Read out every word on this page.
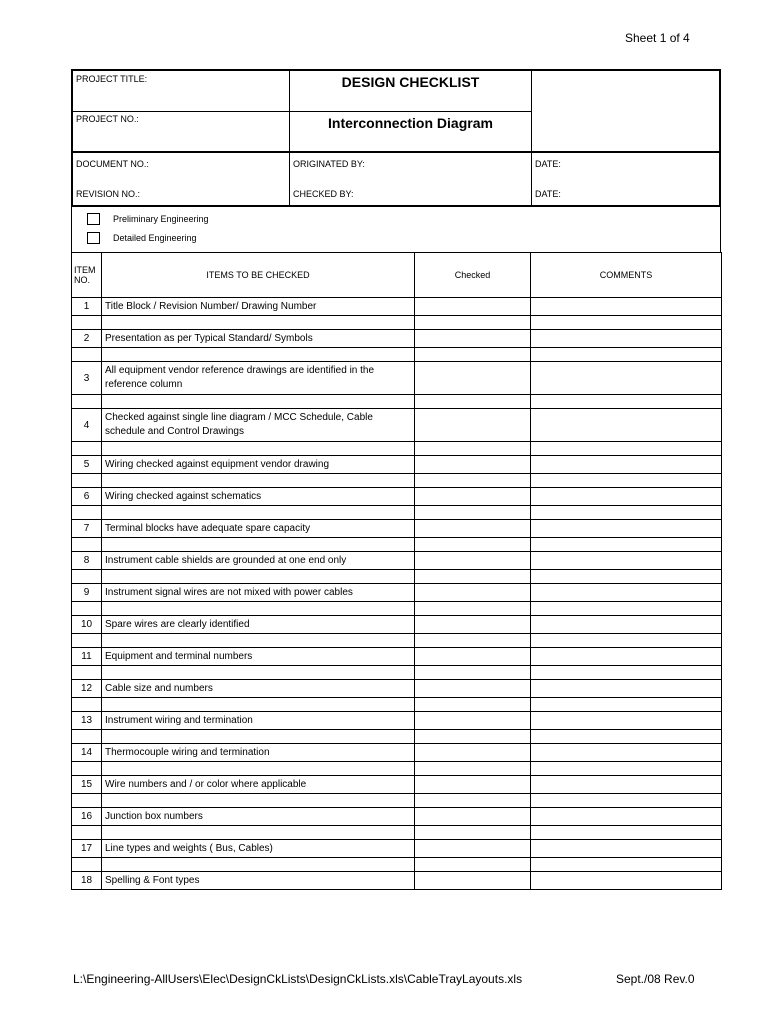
Sheet 1 of 4
PROJECT TITLE:	DESIGN CHECKLIST
PROJECT NO.:	Interconnection Diagram
DOCUMENT NO.:	ORIGINATED BY:	DATE:
REVISION NO.:	CHECKED BY:	DATE:
Preliminary Engineering
Detailed Engineering
ITEM
NO.	ITEMS TO BE CHECKED	Checked	COMMENTS
1	Title Block / Revision Number/ Drawing Number		

2	Presentation as per Typical Standard/ Symbols		

3	All equipment vendor reference drawings are identified in the reference column		

4	Checked against single line diagram / MCC Schedule, Cable schedule and Control Drawings		

5	Wiring checked against equipment vendor drawing		

6	Wiring checked against schematics		

7	Terminal blocks have adequate spare capacity		

8	Instrument cable shields are grounded at one end only		

9	Instrument signal wires are not mixed with power cables		

10	Spare wires are clearly identified		

11	Equipment and terminal numbers		

12	Cable size and numbers		

13	Instrument wiring and termination		

14	Thermocouple wiring and termination		

15	Wire numbers and / or color where applicable		

16	Junction box numbers		

17	Line types and weights ( Bus, Cables)		

18	Spelling & Font types		
L:\Engineering-AllUsers\Elec\DesignCkLists\DesignCkLists.xls\CableTrayLayouts.xls	Sept./08 Rev.0
